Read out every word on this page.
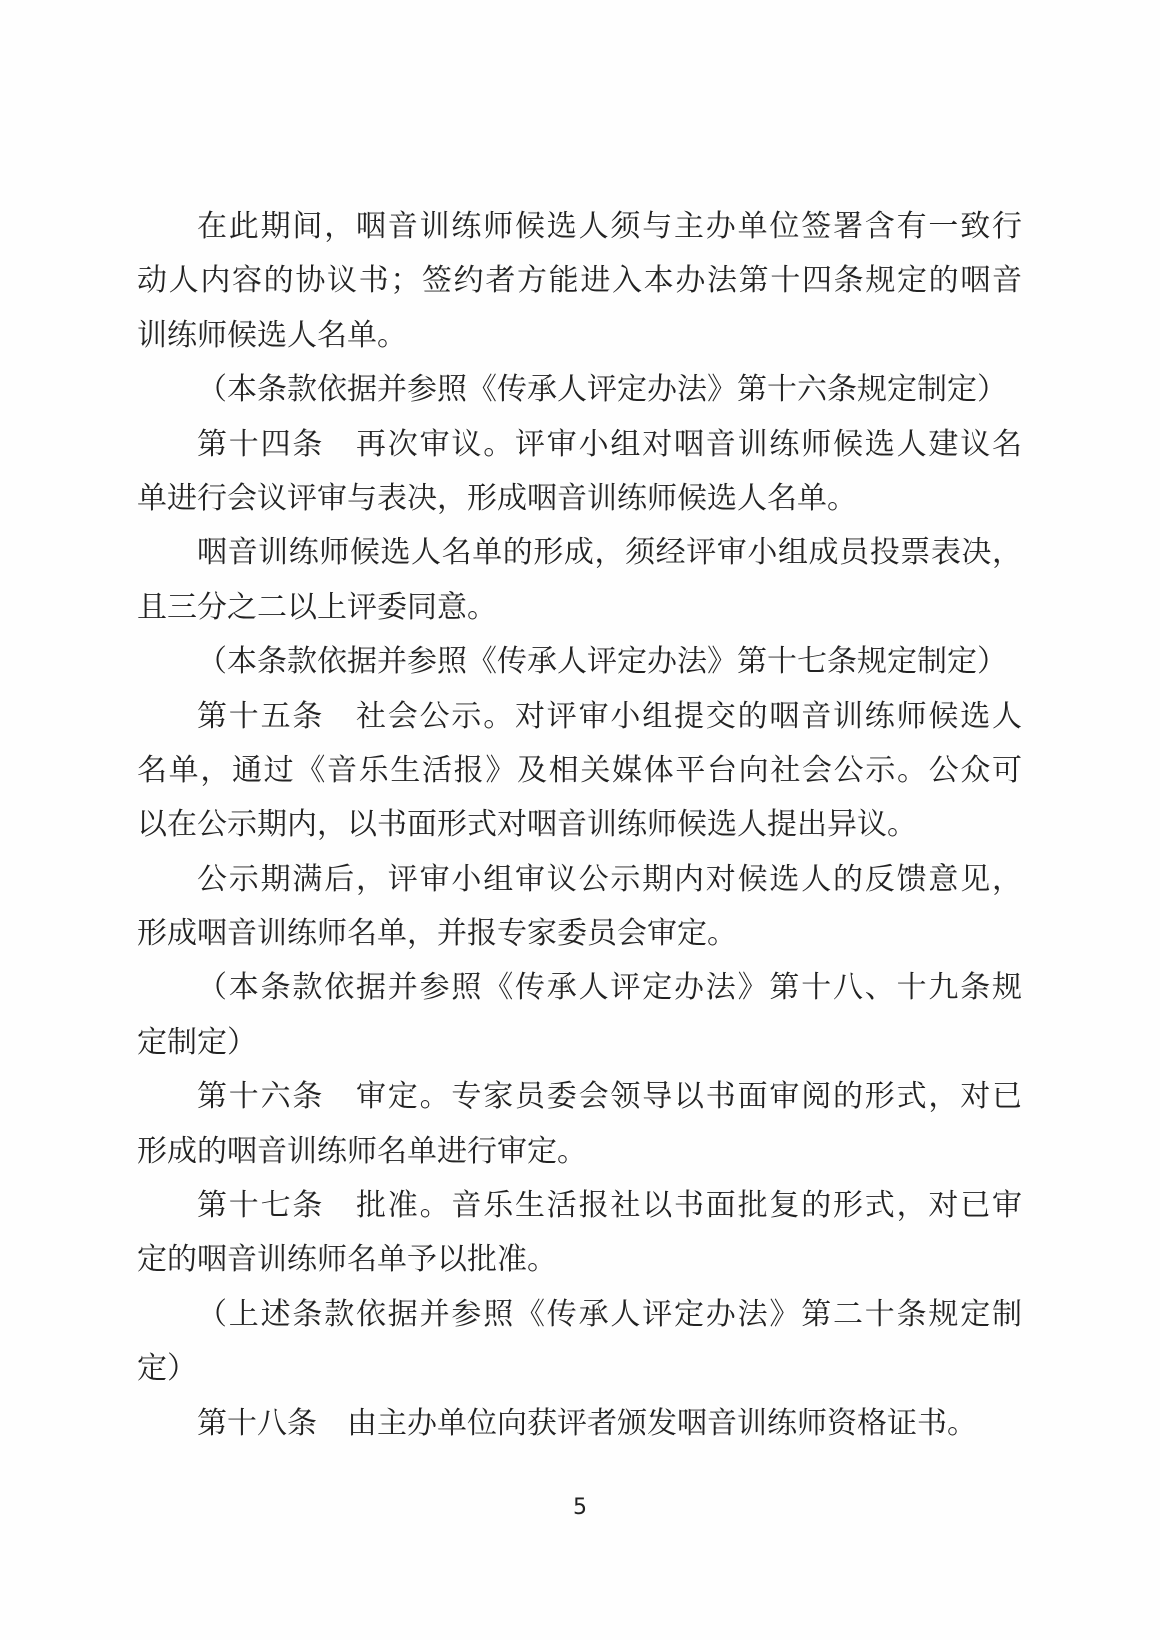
在此期间，咽音训练师候选人须与主办单位签署含有一致行
动人内容的协议书；签约者方能进入本办法第十四条规定的咽音
训练师候选人名单。
（本条款依据并参照《传承人评定办法》第十六条规定制定）
第十四条　再次审议。评审小组对咽音训练师候选人建议名
单进行会议评审与表决，形成咽音训练师候选人名单。
咽音训练师候选人名单的形成，须经评审小组成员投票表决，
且三分之二以上评委同意。
（本条款依据并参照《传承人评定办法》第十七条规定制定）
第十五条　社会公示。对评审小组提交的咽音训练师候选人
名单，通过《音乐生活报》及相关媒体平台向社会公示。公众可
以在公示期内，以书面形式对咽音训练师候选人提出异议。
公示期满后，评审小组审议公示期内对候选人的反馈意见，
形成咽音训练师名单，并报专家委员会审定。
（本条款依据并参照《传承人评定办法》第十八、十九条规
定制定）
第十六条　审定。专家员委会领导以书面审阅的形式，对已
形成的咽音训练师名单进行审定。
第十七条　批准。音乐生活报社以书面批复的形式，对已审
定的咽音训练师名单予以批准。
（上述条款依据并参照《传承人评定办法》第二十条规定制
定）
第十八条　由主办单位向获评者颁发咽音训练师资格证书。
5
